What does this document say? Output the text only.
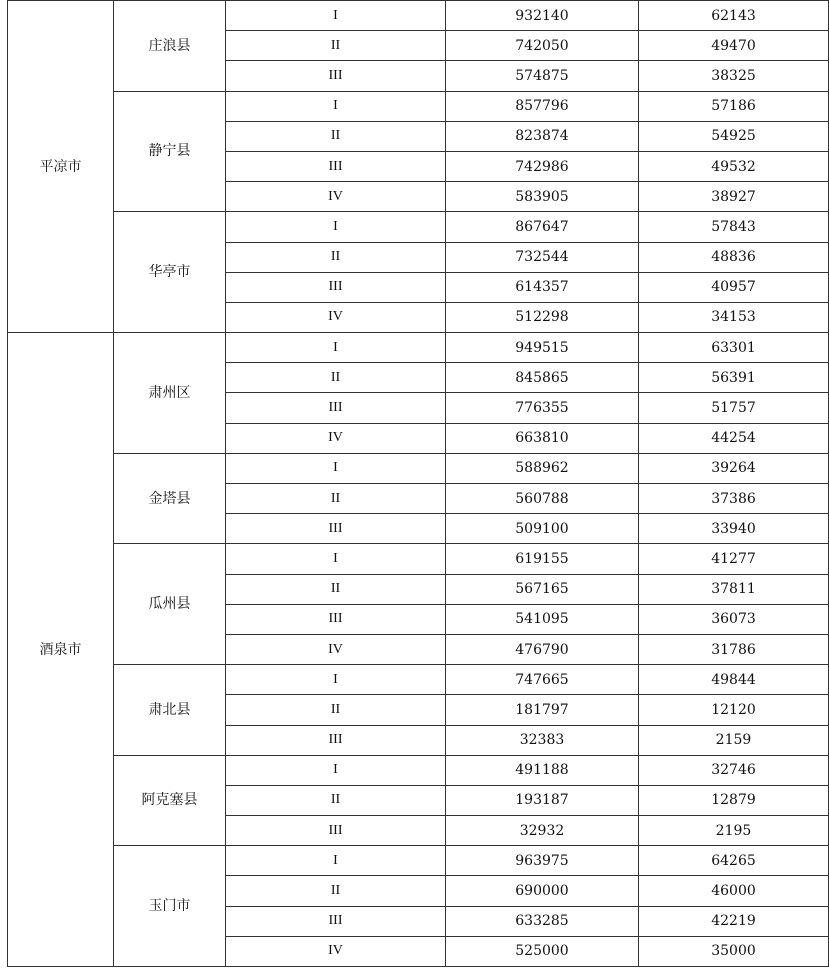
平凉市	庄浪县	I	932140	62143
		II	742050	49470
		III	574875	38325
	静宁县	I	857796	57186
		II	823874	54925
		III	742986	49532
		IV	583905	38927
	华亭市	I	867647	57843
		II	732544	48836
		III	614357	40957
		IV	512298	34153
酒泉市	肃州区	I	949515	63301
		II	845865	56391
		III	776355	51757
		IV	663810	44254
	金塔县	I	588962	39264
		II	560788	37386
		III	509100	33940
	瓜州县	I	619155	41277
		II	567165	37811
		III	541095	36073
		IV	476790	31786
	肃北县	I	747665	49844
		II	181797	12120
		III	32383	2159
	阿克塞县	I	491188	32746
		II	193187	12879
		III	32932	2195
	玉门市	I	963975	64265
		II	690000	46000
		III	633285	42219
		IV	525000	35000
